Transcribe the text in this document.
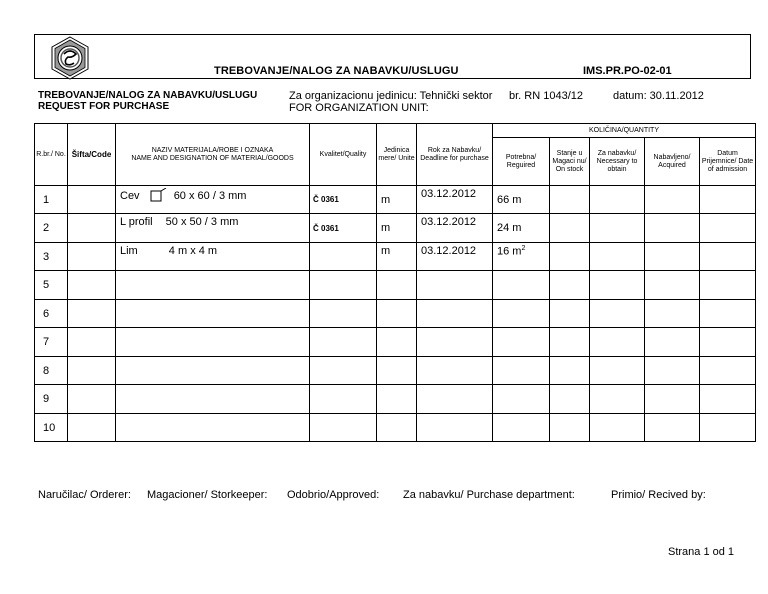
TREBOVANJE/NALOG ZA NABAVKU/USLUGU	IMS.PR.PO-02-01
TREBOVANJE/NALOG ZA NABAVKU/USLUGU
REQUEST FOR PURCHASE
Za organizacionu jedinicu: Tehnički sektor
FOR ORGANIZATION UNIT:
br. RN 1043/12	datum: 30.11.2012
R.br./ No.	Šifta/Code	NAZIV MATERIJALA/ROBE I OZNAKA
NAME AND DESIGNATION OF MATERIAL/GOODS	Kvalitet/Quality	Jedinica mere/ Unite	Rok za Nabavku/ Deadline for purchase	KOLIČINA/QUANTITY				
						Potrebna/ Reguired	Stanje u Magaci nu/ On stock	Za nabavku/ Necessary to obtain	Nabavljeno/ Acquired	Datum Prijemnice/ Date of admission
1		Cev 60 x 60 / 3 mm	Č 0361	m	03.12.2012	66 m				
2		L profil 50 x 50 / 3 mm	Č 0361	m	03.12.2012	24 m				
3		Lim 4 m x 4 m		m	03.12.2012	16 $m^2$				
5										
6										
7										
8										
9										
10										
Naručilac/ Orderer: Magacioner/ Storkeeper: Odobrio/Approved: Za nabavku/ Purchase department:	Primio/ Recived by:
Strana 1 od 1
